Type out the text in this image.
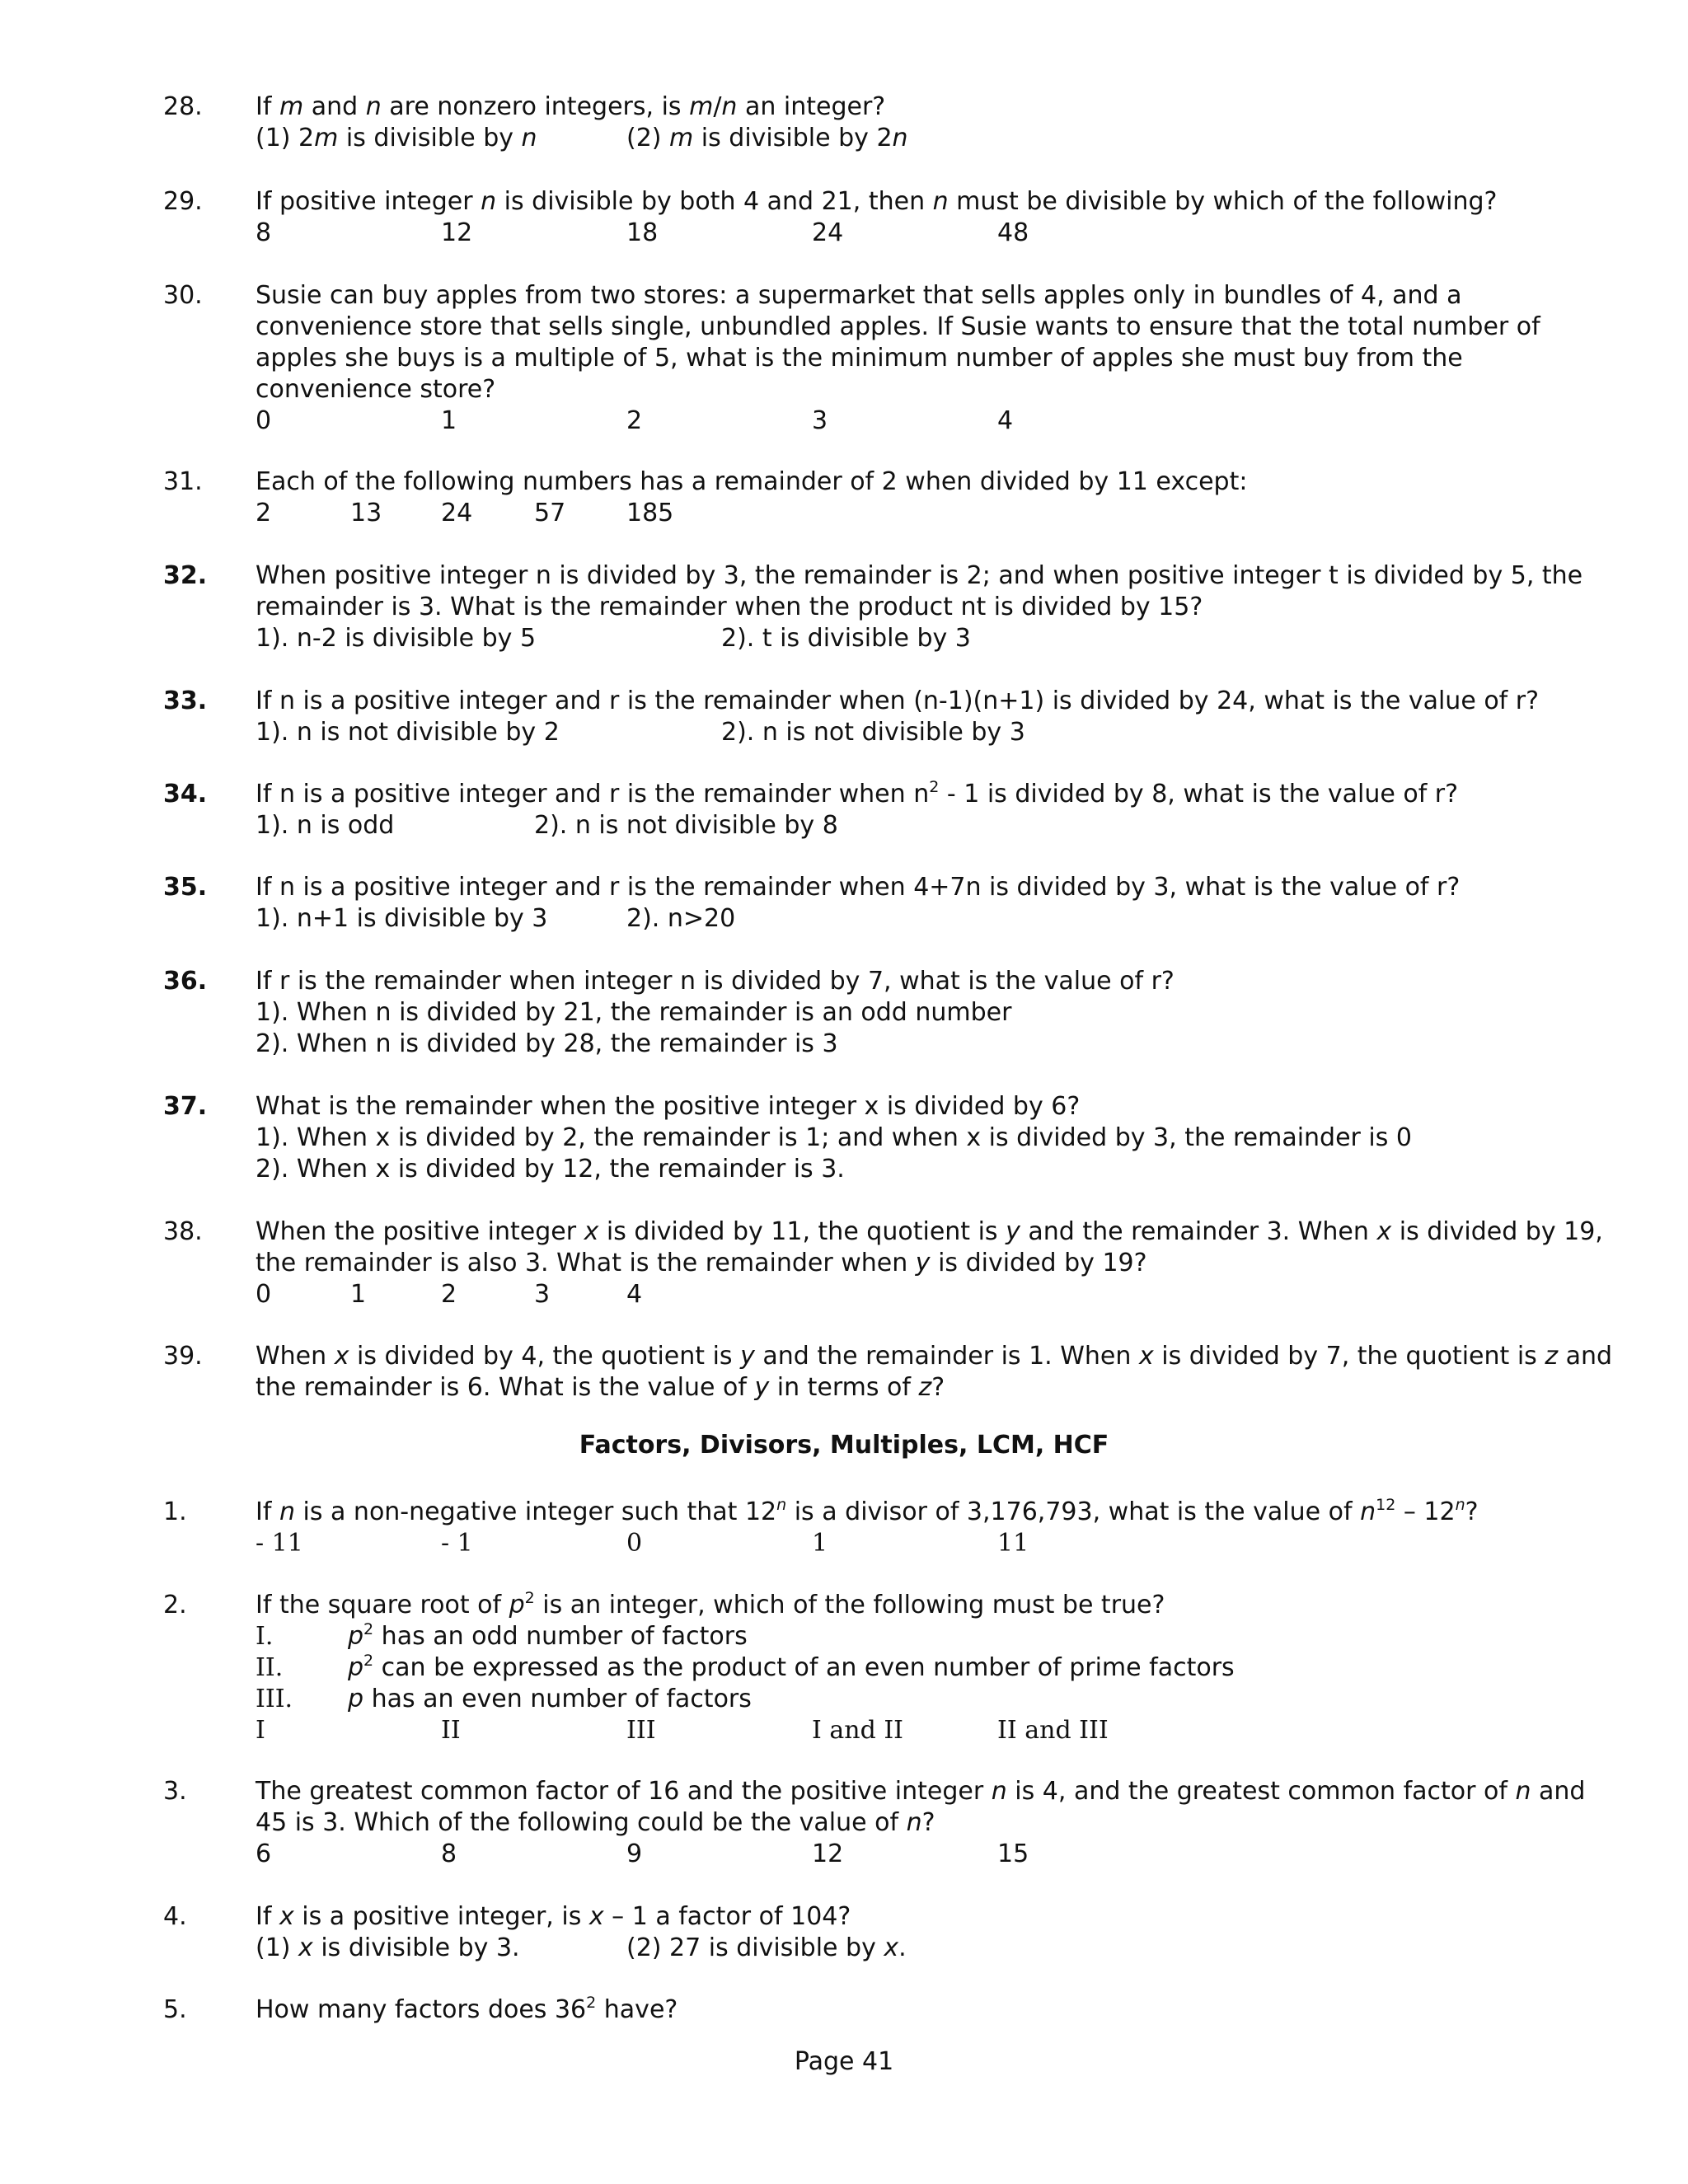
28. If m and n are nonzero integers, is m/n an integer?
(1) 2m is divisible by n	(2) m is divisible by 2n
29. If positive integer n is divisible by both 4 and 21, then n must be divisible by which of the following?
8	12	18	24	48
30. Susie can buy apples from two stores: a supermarket that sells apples only in bundles of 4, and a
convenience store that sells single, unbundled apples. If Susie wants to ensure that the total number of
apples she buys is a multiple of 5, what is the minimum number of apples she must buy from the
convenience store?
0	1	2	3	4
31. Each of the following numbers has a remainder of 2 when divided by 11 except:
2	13 24 57 185
32. When positive integer n is divided by 3, the remainder is 2; and when positive integer t is divided by 5, the
remainder is 3. What is the remainder when the product nt is divided by 15?
1). n-2 is divisible by 5	2). t is divisible by 3
33. If n is a positive integer and r is the remainder when (n-1)(n+1) is divided by 24, what is the value of r?
1). n is not divisible by 2	2). n is not divisible by 3
34. If n is a positive integer and r is the remainder when $n^2 - 1$ is divided by 8, what is the value of r?
1). n is odd	2). n is not divisible by 8
35. If n is a positive integer and r is the remainder when 4+7n is divided by 3, what is the value of r?
1). n+1 is divisible by 3	2). n>20
36. If r is the remainder when integer n is divided by 7, what is the value of r?
1). When n is divided by 21, the remainder is an odd number
2). When n is divided by 28, the remainder is 3
37. What is the remainder when the positive integer x is divided by 6?
1). When x is divided by 2, the remainder is 1; and when x is divided by 3, the remainder is 0
2). When x is divided by 12, the remainder is 3.
38. When the positive integer x is divided by 11, the quotient is y and the remainder 3. When x is divided by 19,
the remainder is also 3. What is the remainder when y is divided by 19?
0	1	2	3	4
39. When x is divided by 4, the quotient is y and the remainder is 1. When x is divided by 7, the quotient is z and
the remainder is 6. What is the value of y in terms of z?
Factors, Divisors, Multiples, LCM, HCF
1.	If n is a non-negative integer such that 12$^n$ is a divisor of 3,176,793, what is the value of $n^{12} - 12^n$?
- 11	- 1	0	1	11
2.	If the square root of $p^2$ is an integer, which of the following must be true?
I.	$p^2$ has an odd number of factors
II.	$p^2$ can be expressed as the product of an even number of prime factors
III. p has an even number of factors
I	II	III	I and II	II and III
3.	The greatest common factor of 16 and the positive integer n is 4, and the greatest common factor of n and
45 is 3. Which of the following could be the value of n?
6	8	9	12	15
4.	If x is a positive integer, is x – 1 a factor of 104?
(1) x is divisible by 3.	(2) 27 is divisible by x.
5.	How many factors does $36^2$ have?
Page 41
